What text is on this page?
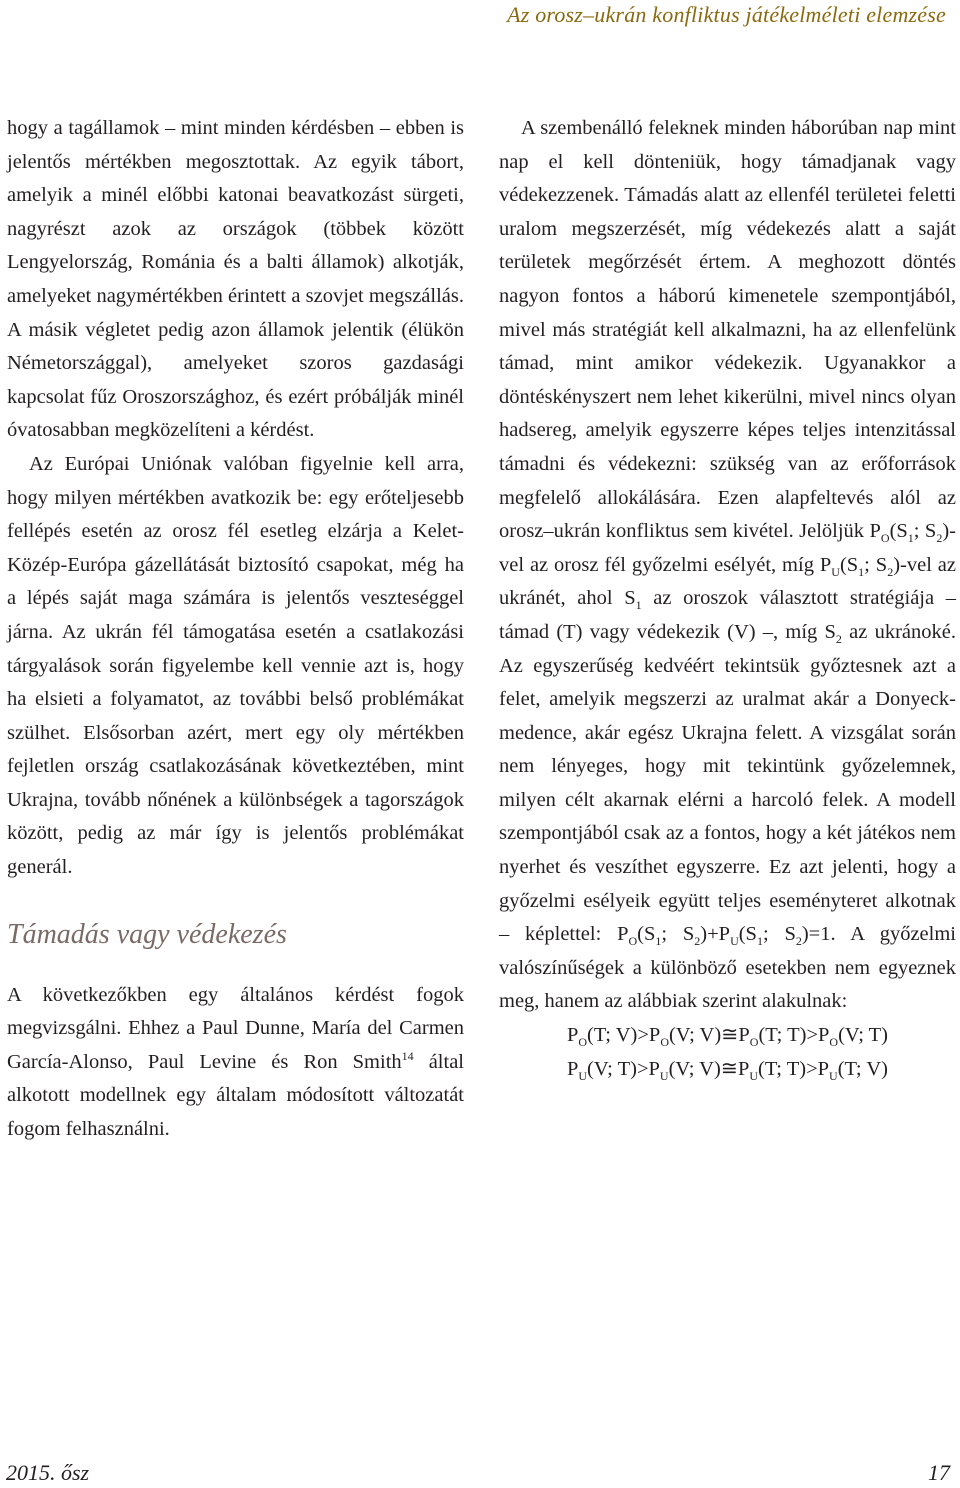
Az orosz–ukrán konfliktus játékelméleti elemzése

hogy a tagállamok – mint minden kérdésben – ebben is jelentős mértékben megosztottak. Az egyik tábort, amelyik a minél előbbi katonai beavatkozást sürgeti, nagyrészt azok az országok (többek között Lengyelország, Románia és a balti államok) alkotják, amelyeket nagymértékben érintett a szovjet megszállás. A másik végletet pedig azon államok jelentik (élükön Németországgal), amelyeket szoros gazdasági kapcsolat fűz Oroszországhoz, és ezért próbálják minél óvatosabban megközelíteni a kérdést.

Az Európai Uniónak valóban figyelnie kell arra, hogy milyen mértékben avatkozik be: egy erőteljesebb fellépés esetén az orosz fél esetleg elzárja a Kelet-Közép-Európa gázellátását biztosító csapokat, még ha a lépés saját maga számára is jelentős veszteséggel járna. Az ukrán fél támogatása esetén a csatlakozási tárgyalások során figyelembe kell vennie azt is, hogy ha elsieti a folyamatot, az további belső problémákat szülhet. Elsősorban azért, mert egy oly mértékben fejletlen ország csatlakozásának következtében, mint Ukrajna, tovább nőnének a különbségek a tagországok között, pedig az már így is jelentős problémákat generál.

Támadás vagy védekezés

A következőkben egy általános kérdést fogok megvizsgálni. Ehhez a Paul Dunne, María del Carmen García-Alonso, Paul Levine és Ron Smith$^{14}$ által alkotott modellnek egy általam módosított változatát fogom felhasználni.

A szembenálló feleknek minden háborúban nap mint nap el kell dönteniük, hogy támadjanak vagy védekezzenek. Támadás alatt az ellenfél területei feletti uralom megszerzését, míg védekezés alatt a saját területek megőrzését értem. A meghozott döntés nagyon fontos a háború kimenetele szempontjából, mivel más stratégiát kell alkalmazni, ha az ellenfelünk támad, mint amikor védekezik. Ugyanakkor a döntéskényszert nem lehet kikerülni, mivel nincs olyan hadsereg, amelyik egyszerre képes teljes intenzitással támadni és védekezni: szükség van az erőforrások megfelelő allokálására. Ezen alapfeltevés alól az orosz–ukrán konfliktus sem kivétel. Jelöljük $P_O(S_1$; $S_2$)-vel az orosz fél győzelmi esélyét, míg $P_U(S_1$; $S_2$)-vel az ukránét, ahol $S_1$ az oroszok választott stratégiája – támad (T) vagy védekezik (V) –, míg $S_2$ az ukránoké. Az egyszerűség kedvéért tekintsük győztesnek azt a felet, amelyik megszerzi az uralmat akár a Donyeck-medence, akár egész Ukrajna felett. A vizsgálat során nem lényeges, hogy mit tekintünk győzelemnek, milyen célt akarnak elérni a harcoló felek. A modell szempontjából csak az a fontos, hogy a két játékos nem nyerhet és veszíthet egyszerre. Ez azt jelenti, hogy a győzelmi esélyeik együtt teljes eseményteret alkotnak – képlettel: $P_O(S_1$; $S_2)+P_U(S_1$; $S_2)=1$. A győzelmi valószínűségek a különböző esetekben nem egyeznek meg, hanem az alábbiak szerint alakulnak:

$P_O(T$; $V)>P_O(V$; $V)≅P_O(T$; $T)>P_O(V$; T)
$P_U(V$; $T)>P_U(V$; $V)≅P_U(T$; $T)>P_U(T$; V)
2015. ősz	17
